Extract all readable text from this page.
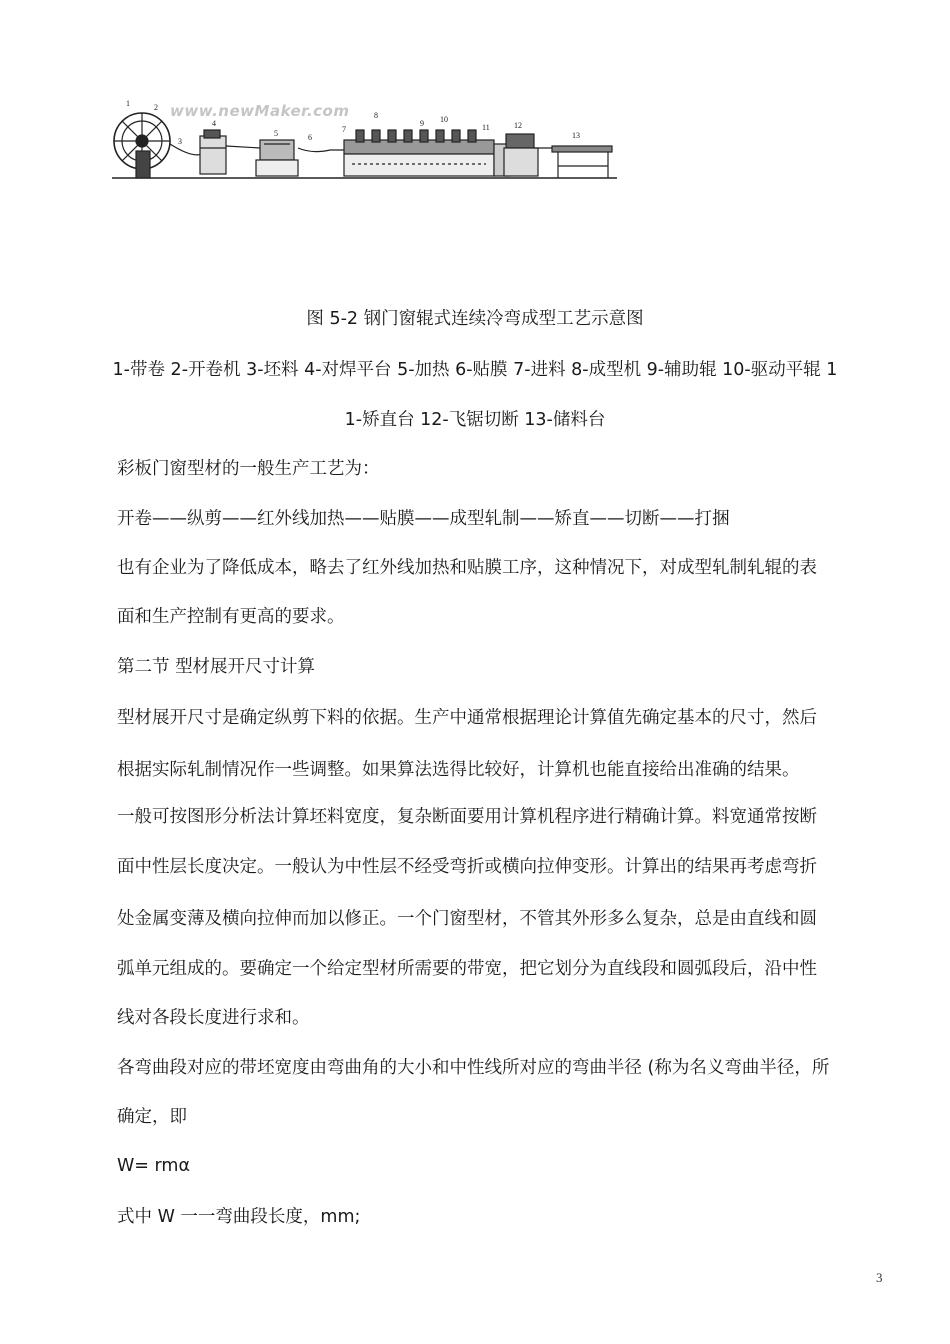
1	2
3
4
5	6
7
8
9 10
11	12
13
www.newMaker.com
图 5-2 钢门窗辊式连续冷弯成型工艺示意图
1-带卷 2-开卷机 3-坯料 4-对焊平台 5-加热 6-贴膜 7-进料 8-成型机 9-辅助辊 10-驱动平辊 1
1-矫直台 12-飞锯切断 13-储料台
彩板门窗型材的一般生产工艺为：
开卷——纵剪——红外线加热——贴膜——成型轧制——矫直——切断——打捆
也有企业为了降低成本，略去了红外线加热和贴膜工序，这种情况下，对成型轧制轧辊的表
面和生产控制有更高的要求。
第二节 型材展开尺寸计算
型材展开尺寸是确定纵剪下料的依据。生产中通常根据理论计算值先确定基本的尺寸，然后
根据实际轧制情况作一些调整。如果算法选得比较好，计算机也能直接给出准确的结果。
一般可按图形分析法计算坯料宽度，复杂断面要用计算机程序进行精确计算。料宽通常按断
面中性层长度决定。一般认为中性层不经受弯折或横向拉伸变形。计算出的结果再考虑弯折
处金属变薄及横向拉伸而加以修正。一个门窗型材，不管其外形多么复杂，总是由直线和圆
弧单元组成的。要确定一个给定型材所需要的带宽，把它划分为直线段和圆弧段后，沿中性
线对各段长度进行求和。
各弯曲段对应的带坯宽度由弯曲角的大小和中性线所对应的弯曲半径 (称为名义弯曲半径，所
确定，即
W= rmα
式中 W 一一弯曲段长度，mm;
3
